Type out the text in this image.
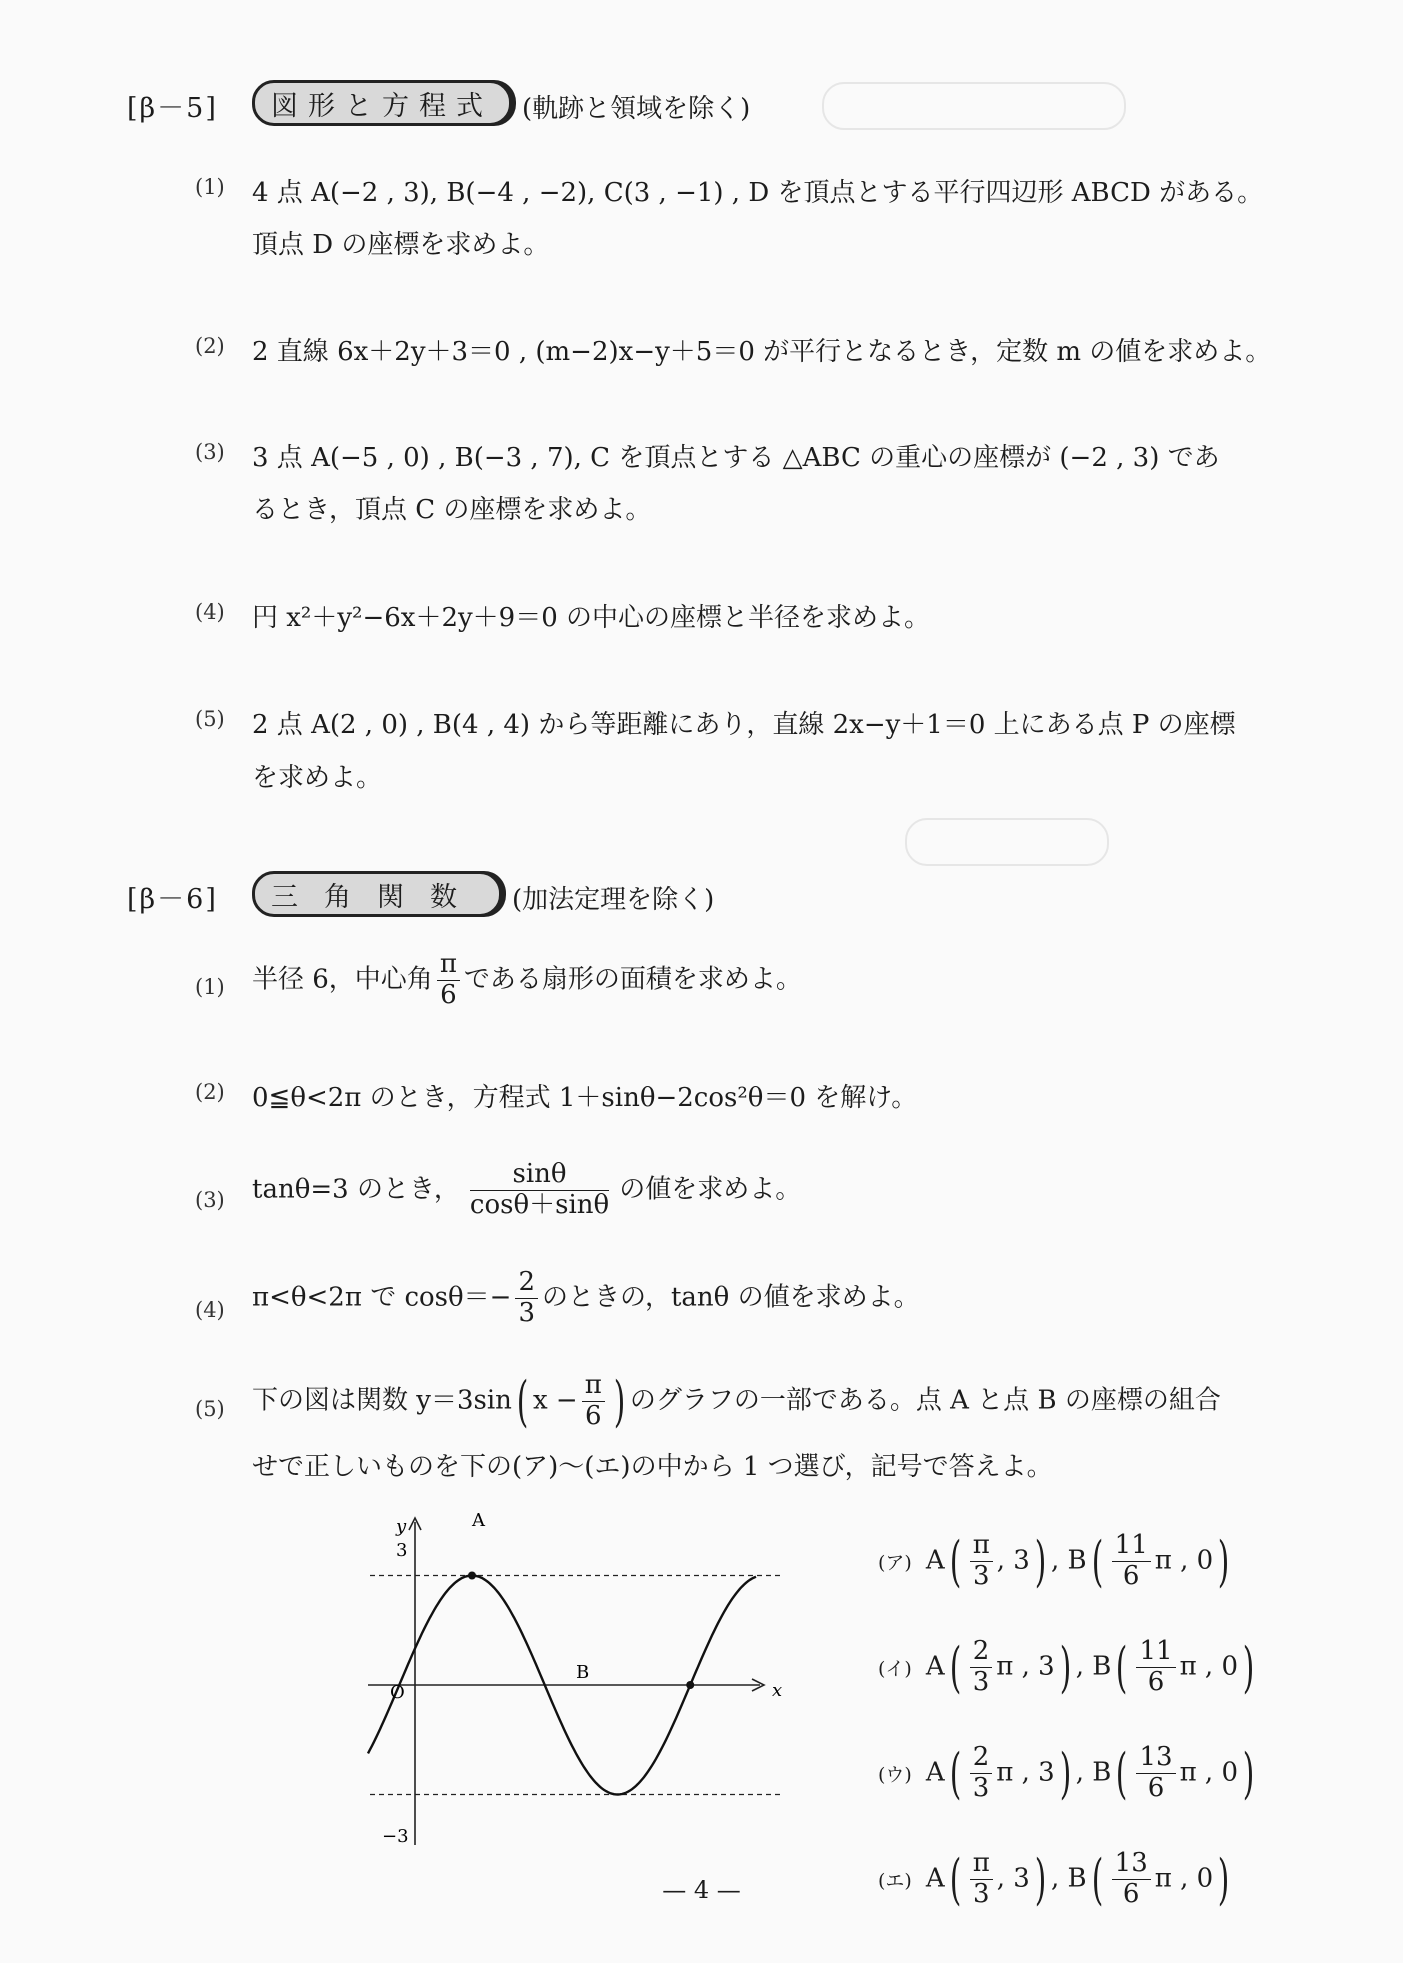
[β－5]	図形と方程式	(軌跡と領域を除く)
(1) 4 点 A(−2 , 3), B(−4 , −2), C(3 , −1) , D を頂点とする平行四辺形 ABCD がある。
頂点 D の座標を求めよ。
(2) 2 直線 6x＋2y＋3＝0 , (m−2)x−y＋5＝0 が平行となるとき，定数 m の値を求めよ。
(3) 3 点 A(−5 , 0) , B(−3 , 7), C を頂点とする △ABC の重心の座標が (−2 , 3) であ
るとき，頂点 C の座標を求めよ。
(4) 円 x²＋y²−6x＋2y＋9＝0 の中心の座標と半径を求めよ。
(5) 2 点 A(2 , 0) , B(4 , 4) から等距離にあり，直線 2x−y＋1＝0 上にある点 P の座標
を求めよ。
[β－6]	三角関数	(加法定理を除く)
(1) 半径 6，中心角 $\frac{\pi}{6}$ である扇形の面積を求めよ。
(2) 0≦θ<2π のとき，方程式 1＋sinθ−2cos²θ＝0 を解け。
(3) tanθ=3 のとき， $\frac{\sin\theta}{\cos\theta+\sin\theta}$ の値を求めよ。
(4) π<θ<2π で $\cos\theta=- \frac{2}{3}$ のときの，tanθ の値を求めよ。
(5) 下の図は関数 y＝3sin( $x - \frac{\pi}{6}$ ) のグラフの一部である。点 A と点 B の座標の組合
せで正しいものを下の(ア)～(エ)の中から 1 つ選び，記号で答えよ。
y
x
O
3
−3
A
B
(ア) $A( \frac{\pi}{3}$ , 3) , $B( \frac{11}{6}$ π , 0)
(イ) $A( \frac{2}{3}$ π , 3) , $B( \frac{11}{6}$ π , 0)
(ウ) $A( \frac{2}{3}$ π , 3) , $B( \frac{13}{6}$ π , 0)
(エ) $A( \frac{\pi}{3}$ , 3) , $B( \frac{13}{6}$ π , 0)
— 4 —
